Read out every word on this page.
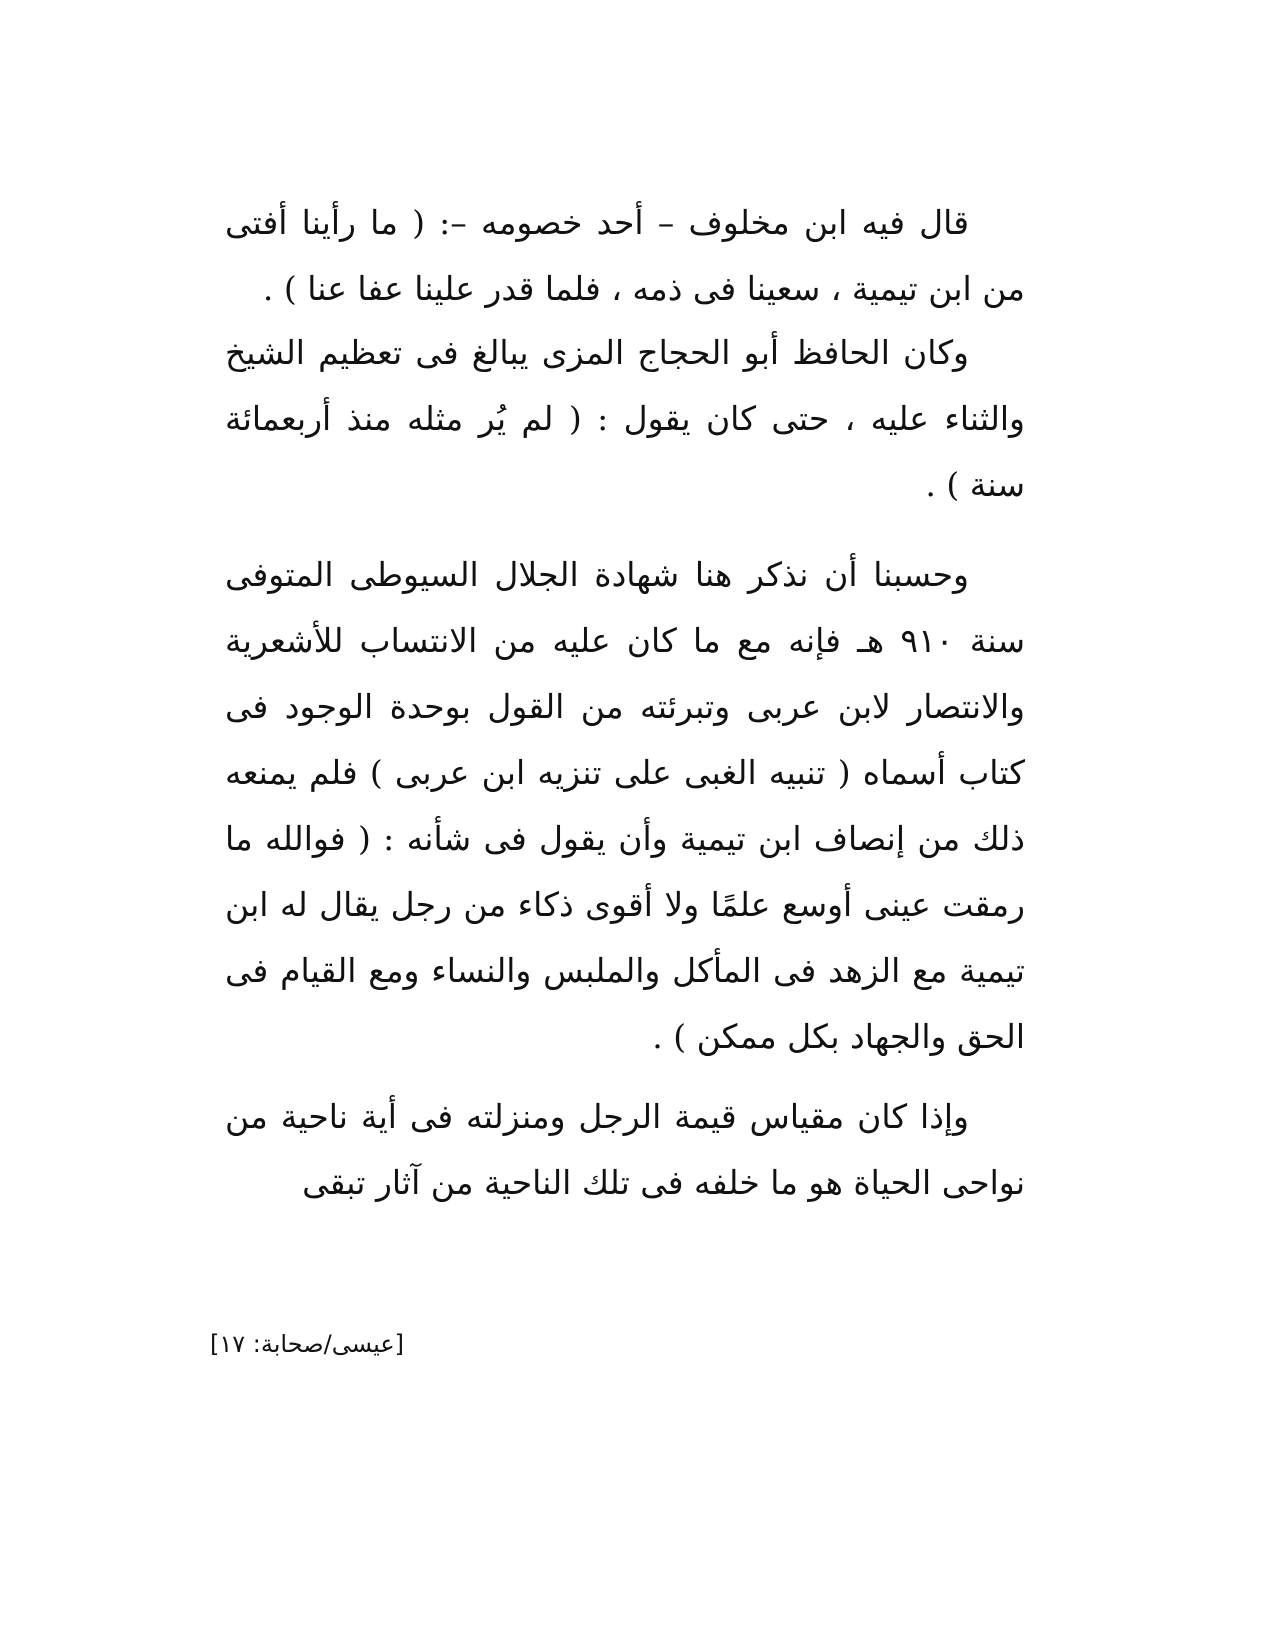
قال فيه ابن مخلوف – أحد خصومه –: ( ما رأينا أفتى من ابن تيمية ، سعينا فى ذمه ، فلما قدر علينا عفا عنا ) .

وكان الحافظ أبو الحجاج المزى يبالغ فى تعظيم الشيخ والثناء عليه ، حتى كان يقول : ( لم يُر مثله منذ أربعمائة سنة ) .

وحسبنا أن نذكر هنا شهادة الجلال السيوطى المتوفى سنة ٩١٠ هـ فإنه مع ما كان عليه من الانتساب للأشعرية والانتصار لابن عربى وتبرئته من القول بوحدة الوجود فى كتاب أسماه ( تنبيه الغبى على تنزيه ابن عربى ) فلم يمنعه ذلك من إنصاف ابن تيمية وأن يقول فى شأنه : ( فوالله ما رمقت عينى أوسع علمًا ولا أقوى ذكاء من رجل يقال له ابن تيمية مع الزهد فى المأكل والملبس والنساء ومع القيام فى الحق والجهاد بكل ممكن ) .

وإذا كان مقياس قيمة الرجل ومنزلته فى أية ناحية من نواحى الحياة هو ما خلفه فى تلك الناحية من آثار تبقى

[عيسى/صحابة: ١٧]
